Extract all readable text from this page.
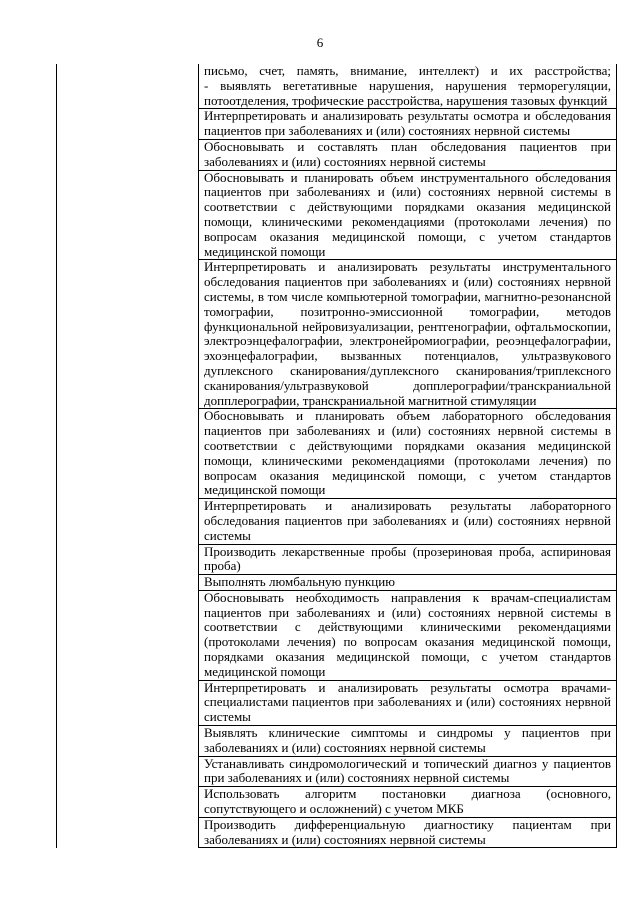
6
письмо, счет, память, внимание, интеллект) и их расстройства;
- выявлять вегетативные нарушения, нарушения терморегуляции,
потоотделения, трофические расстройства, нарушения тазовых функций
Интерпретировать и анализировать результаты осмотра и обследования
пациентов при заболеваниях и (или) состояниях нервной системы
Обосновывать и составлять план обследования пациентов при
заболеваниях и (или) состояниях нервной системы
Обосновывать и планировать объем инструментального обследования
пациентов при заболеваниях и (или) состояниях нервной системы в
соответствии с действующими порядками оказания медицинской
помощи, клиническими рекомендациями (протоколами лечения) по
вопросам оказания медицинской помощи, с учетом стандартов
медицинской помощи
Интерпретировать и анализировать результаты инструментального
обследования пациентов при заболеваниях и (или) состояниях нервной
системы, в том числе компьютерной томографии, магнитно-резонансной
томографии, позитронно-эмиссионной томографии, методов
функциональной нейровизуализации, рентгенографии, офтальмоскопии,
электроэнцефалографии, электронейромиографии, реоэнцефалографии,
эхоэнцефалографии, вызванных потенциалов, ультразвукового
дуплексного сканирования/дуплексного сканирования/триплексного
сканирования/ультразвуковой допплерографии/транскраниальной
допплерографии, транскраниальной магнитной стимуляции
Обосновывать и планировать объем лабораторного обследования
пациентов при заболеваниях и (или) состояниях нервной системы в
соответствии с действующими порядками оказания медицинской
помощи, клиническими рекомендациями (протоколами лечения) по
вопросам оказания медицинской помощи, с учетом стандартов
медицинской помощи
Интерпретировать и анализировать результаты лабораторного
обследования пациентов при заболеваниях и (или) состояниях нервной
системы
Производить лекарственные пробы (прозериновая проба, аспириновая
проба)
Выполнять люмбальную пункцию
Обосновывать необходимость направления к врачам-специалистам
пациентов при заболеваниях и (или) состояниях нервной системы в
соответствии с действующими клиническими рекомендациями
(протоколами лечения) по вопросам оказания медицинской помощи,
порядками оказания медицинской помощи, с учетом стандартов
медицинской помощи
Интерпретировать и анализировать результаты осмотра врачами-
специалистами пациентов при заболеваниях и (или) состояниях нервной
системы
Выявлять клинические симптомы и синдромы у пациентов при
заболеваниях и (или) состояниях нервной системы
Устанавливать синдромологический и топический диагноз у пациентов
при заболеваниях и (или) состояниях нервной системы
Использовать алгоритм постановки диагноза (основного,
сопутствующего и осложнений) с учетом МКБ
Производить дифференциальную диагностику пациентам при
заболеваниях и (или) состояниях нервной системы
